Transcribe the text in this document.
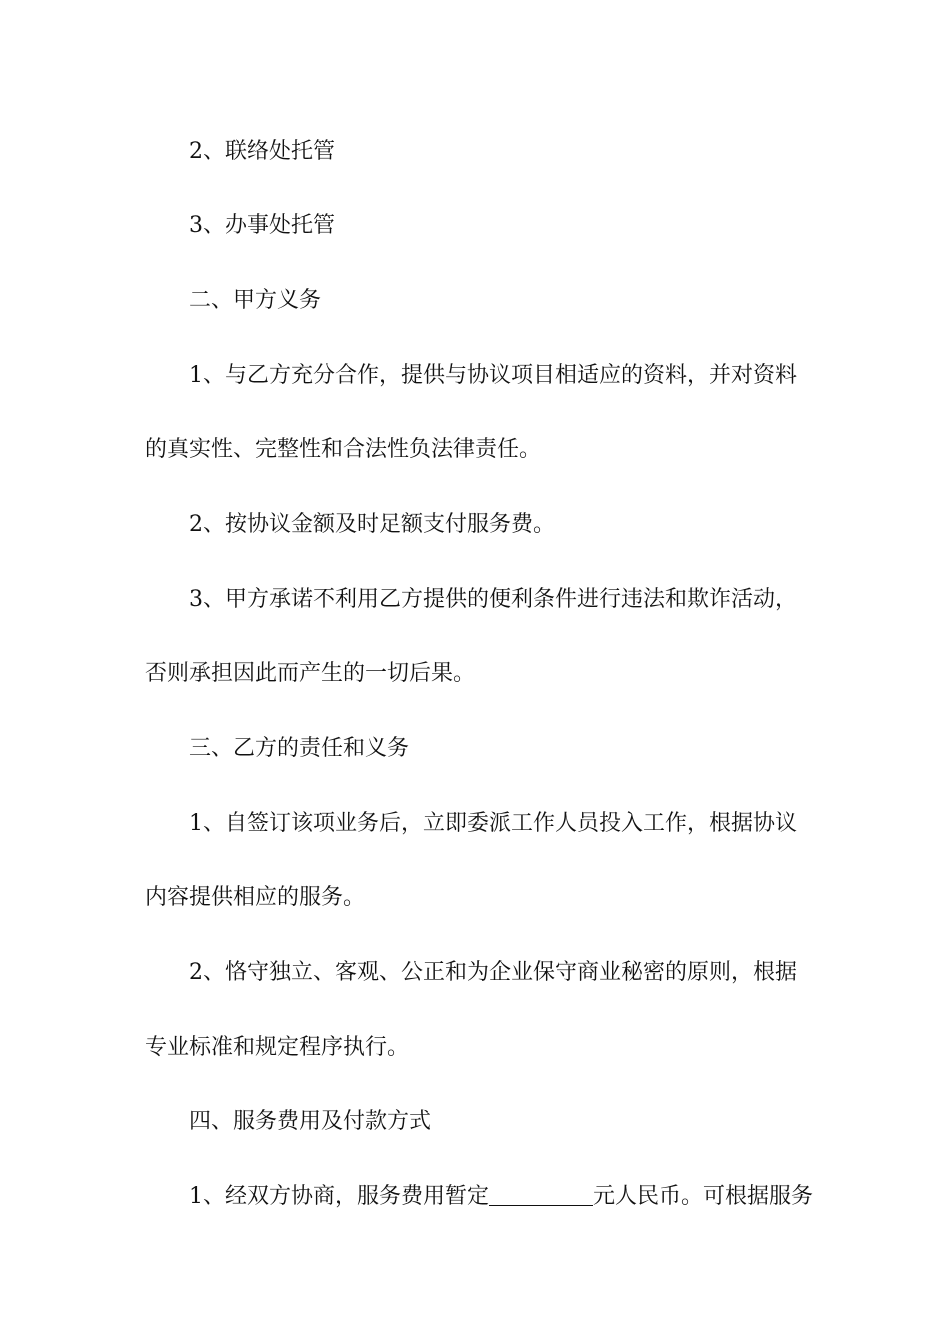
2、联络处托管
3、办事处托管
二、甲方义务
1、与乙方充分合作，提供与协议项目相适应的资料，并对资料
的真实性、完整性和合法性负法律责任。
2、按协议金额及时足额支付服务费。
3、甲方承诺不利用乙方提供的便利条件进行违法和欺诈活动，
否则承担因此而产生的一切后果。
三、乙方的责任和义务
1、自签订该项业务后，立即委派工作人员投入工作，根据协议
内容提供相应的服务。
2、恪守独立、客观、公正和为企业保守商业秘密的原则，根据
专业标准和规定程序执行。
四、服务费用及付款方式
1、经双方协商，服务费用暂定	元人民币。可根据服务
